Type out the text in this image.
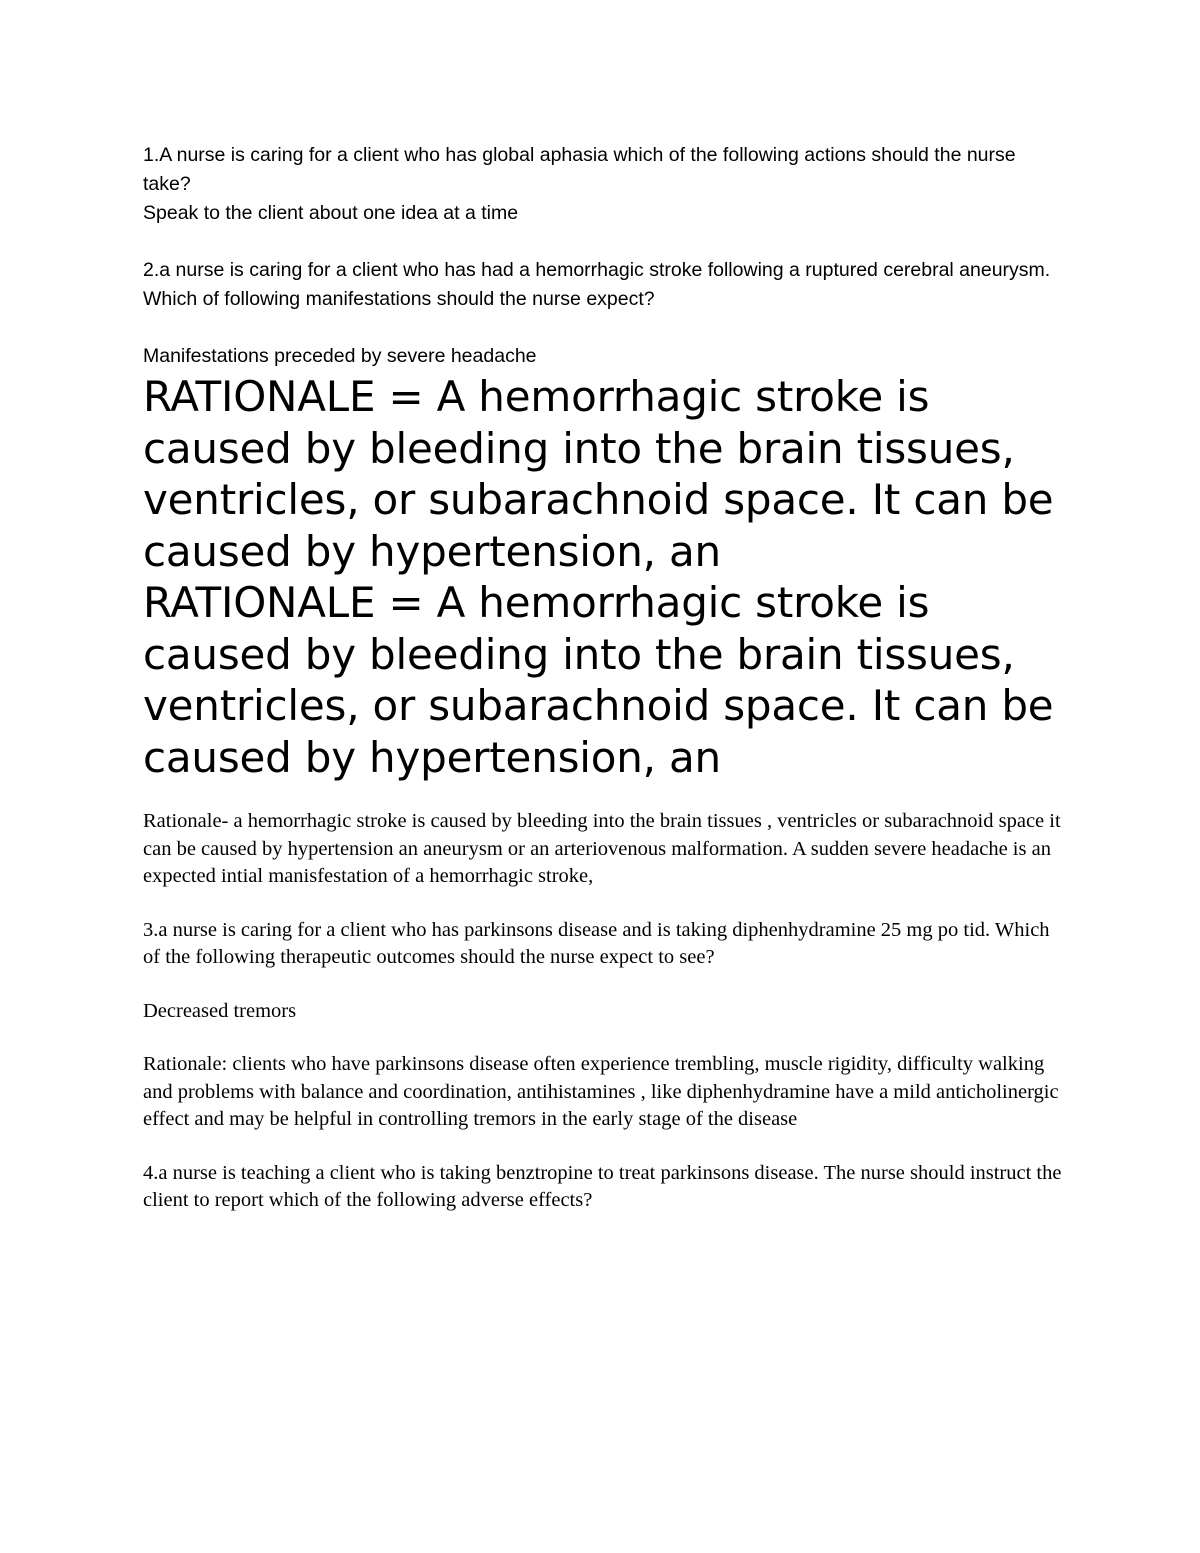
1.A nurse is caring for a client who has global aphasia which of the following actions should the nurse take?

Speak to the client about one idea at a time

2.a nurse is caring for a client who has had a hemorrhagic stroke following a ruptured cerebral aneurysm. Which of following manifestations should the nurse expect?

Manifestations preceded by severe headache

RATIONALE = A hemorrhagic stroke is caused by bleeding into the brain tissues, ventricles, or subarachnoid space. It can be caused by hypertension, an

RATIONALE = A hemorrhagic stroke is caused by bleeding into the brain tissues, ventricles, or subarachnoid space. It can be caused by hypertension, an

Rationale- a hemorrhagic stroke is caused by bleeding into the brain tissues , ventricles or subarachnoid space it can be caused by hypertension an aneurysm or an arteriovenous malformation. A sudden severe headache is an expected intial manisfestation of a hemorrhagic stroke,

3.a nurse is caring for a client who has parkinsons disease and is taking diphenhydramine 25 mg po tid. Which of the following therapeutic outcomes should the nurse expect to see?

Decreased tremors

Rationale: clients who have parkinsons disease often experience trembling, muscle rigidity, difficulty walking and problems with balance and coordination, antihistamines , like diphenhydramine have a mild anticholinergic effect and may be helpful in controlling tremors in the early stage of the disease

4.a nurse is teaching a client who is taking benztropine to treat parkinsons disease. The nurse should instruct the client to report which of the following adverse effects?
